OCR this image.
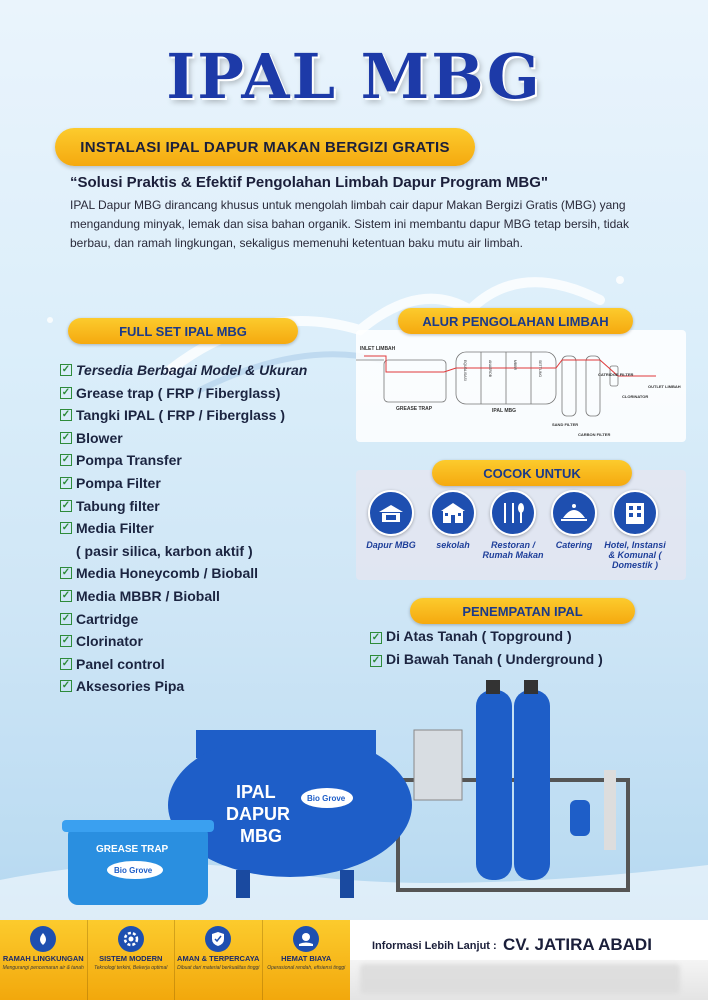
IPAL MBG
INSTALASI IPAL DAPUR MAKAN BERGIZI GRATIS
“Solusi Praktis & Efektif Pengolahan Limbah Dapur Program MBG"
IPAL Dapur MBG dirancang khusus untuk mengolah limbah cair dapur Makan Bergizi Gratis (MBG) yang mengandung minyak, lemak dan sisa bahan organik. Sistem ini membantu dapur MBG tetap bersih, tidak berbau, dan ramah lingkungan, sekaligus memenuhi ketentuan baku mutu air limbah.
FULL SET IPAL MBG
✓ Tersedia Berbagai Model & Ukuran
✓ Grease trap ( FRP / Fiberglass)
✓ Tangki IPAL ( FRP / Fiberglass )
✓ Blower
✓ Pompa Transfer
✓ Pompa Filter
✓ Tabung filter
✓ Media Filter
( pasir silica, karbon aktif )
✓ Media Honeycomb / Bioball
✓ Media MBBR / Bioball
✓ Cartridge
✓ Clorinator
✓ Panel control
✓ Aksesories Pipa
INLET LIMBAH
GREASE TRAP	IPAL MBG
SAND FILTER
CARBON FILTER
CATRIDGE FILTER
CLORINATOR
OUTLET LIMBAH
EQUALISASI	ANAEROB	MBBR	SETTLING
ALUR PENGOLAHAN LIMBAH
COCOK UNTUK
Dapur MBG	sekolah	Restoran / Rumah Makan
Catering	Hotel, Instansi & Komunal ( Domestik )
PENEMPATAN IPAL
✓ Di Atas Tanah ( Topground )
✓ Di Bawah Tanah ( Underground )
IPAL
DAPUR
MBG
Bio Grove
GREASE TRAP
Bio Grove
RAMAH LINGKUNGAN
Mengurangi pencemaran air & tanah
SISTEM MODERN
Teknologi terkini, Bekerja optimal
AMAN & TERPERCAYA
Dibuat dari material berkualitas tinggi
HEMAT BIAYA
Operasional rendah, efisiensi tinggi
Informasi Lebih Lanjut : CV. JATIRA ABADI
